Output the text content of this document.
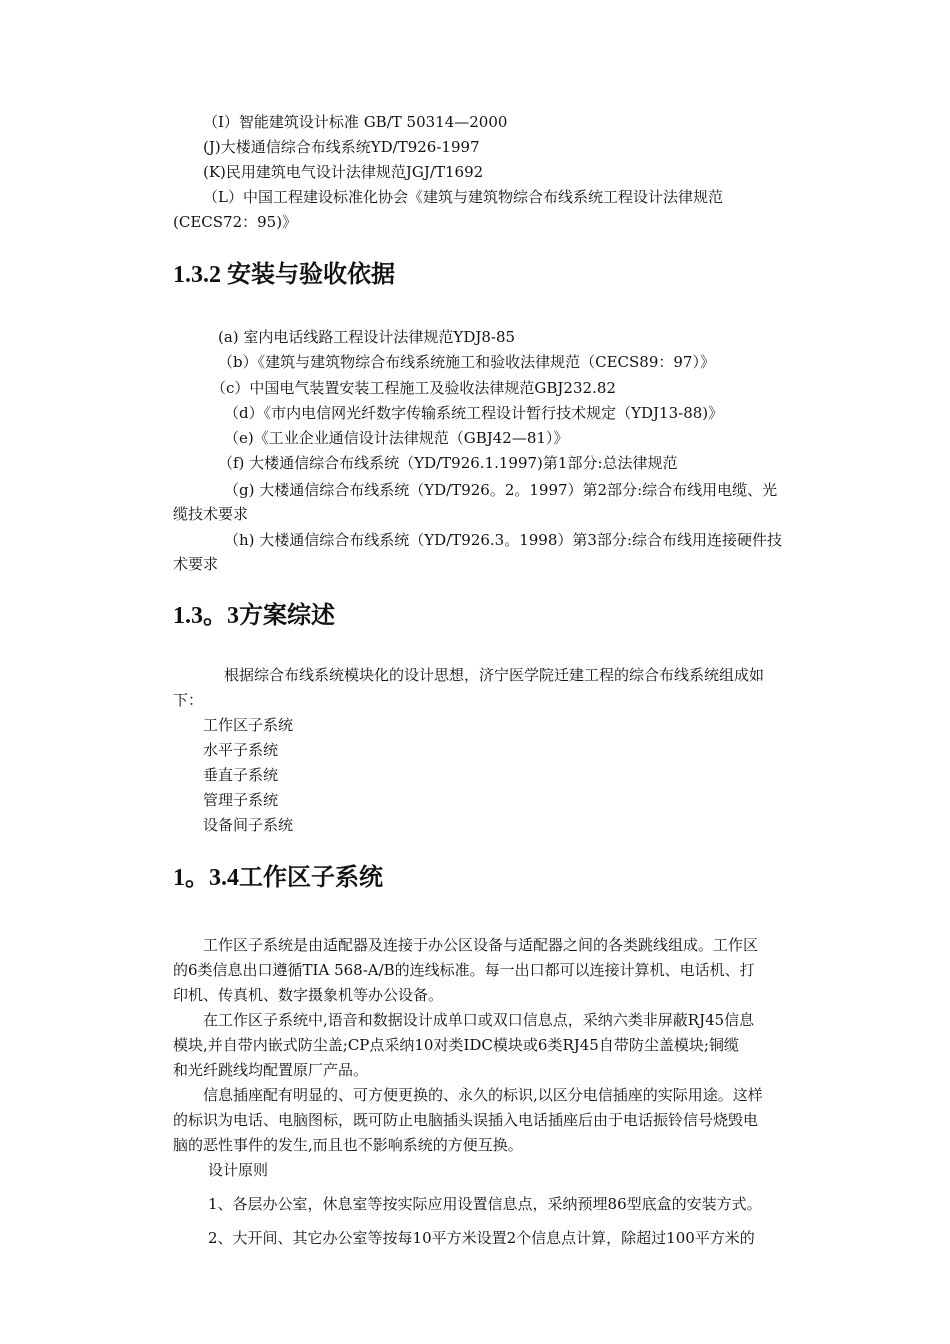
（I）智能建筑设计标准 GB/T 50314—2000
(J)大楼通信综合布线系统YD/T926-1997
(K)民用建筑电气设计法律规范JGJ/T1692
（L）中国工程建设标准化协会《建筑与建筑物综合布线系统工程设计法律规范
(CECS72：95)》
1.3.2 安装与验收依据
(a) 室内电话线路工程设计法律规范YDJ8-85
（b）《建筑与建筑物综合布线系统施工和验收法律规范（CECS89：97）》
（c）中国电气装置安装工程施工及验收法律规范GBJ232.82
（d）《市内电信网光纤数字传输系统工程设计暂行技术规定（YDJ13-88)》
（e)《工业企业通信设计法律规范（GBJ42—81）》
（f) 大楼通信综合布线系统（YD/T926.1.1997)第1部分:总法律规范
（g) 大楼通信综合布线系统（YD/T926。2。1997）第2部分:综合布线用电缆、光
缆技术要求
（h) 大楼通信综合布线系统（YD/T926.3。1998）第3部分:综合布线用连接硬件技
术要求
1.3。3方案综述
根据综合布线系统模块化的设计思想，济宁医学院迁建工程的综合布线系统组成如
下：
工作区子系统
水平子系统
垂直子系统
管理子系统
设备间子系统
1。3.4工作区子系统
工作区子系统是由适配器及连接于办公区设备与适配器之间的各类跳线组成。工作区
的6类信息出口遵循TIA 568-A/B的连线标准。每一出口都可以连接计算机、电话机、打
印机、传真机、数字摄象机等办公设备。
在工作区子系统中,语音和数据设计成单口或双口信息点，采纳六类非屏蔽RJ45信息
模块,并自带内嵌式防尘盖;CP点采纳10对类IDC模块或6类RJ45自带防尘盖模块;铜缆
和光纤跳线均配置原厂产品。
信息插座配有明显的、可方便更换的、永久的标识,以区分电信插座的实际用途。这样
的标识为电话、电脑图标，既可防止电脑插头误插入电话插座后由于电话振铃信号烧毁电
脑的恶性事件的发生,而且也不影响系统的方便互换。
设计原则
1、各层办公室，休息室等按实际应用设置信息点，采纳预埋86型底盒的安装方式。
2、大开间、其它办公室等按每10平方米设置2个信息点计算，除超过100平方米的
